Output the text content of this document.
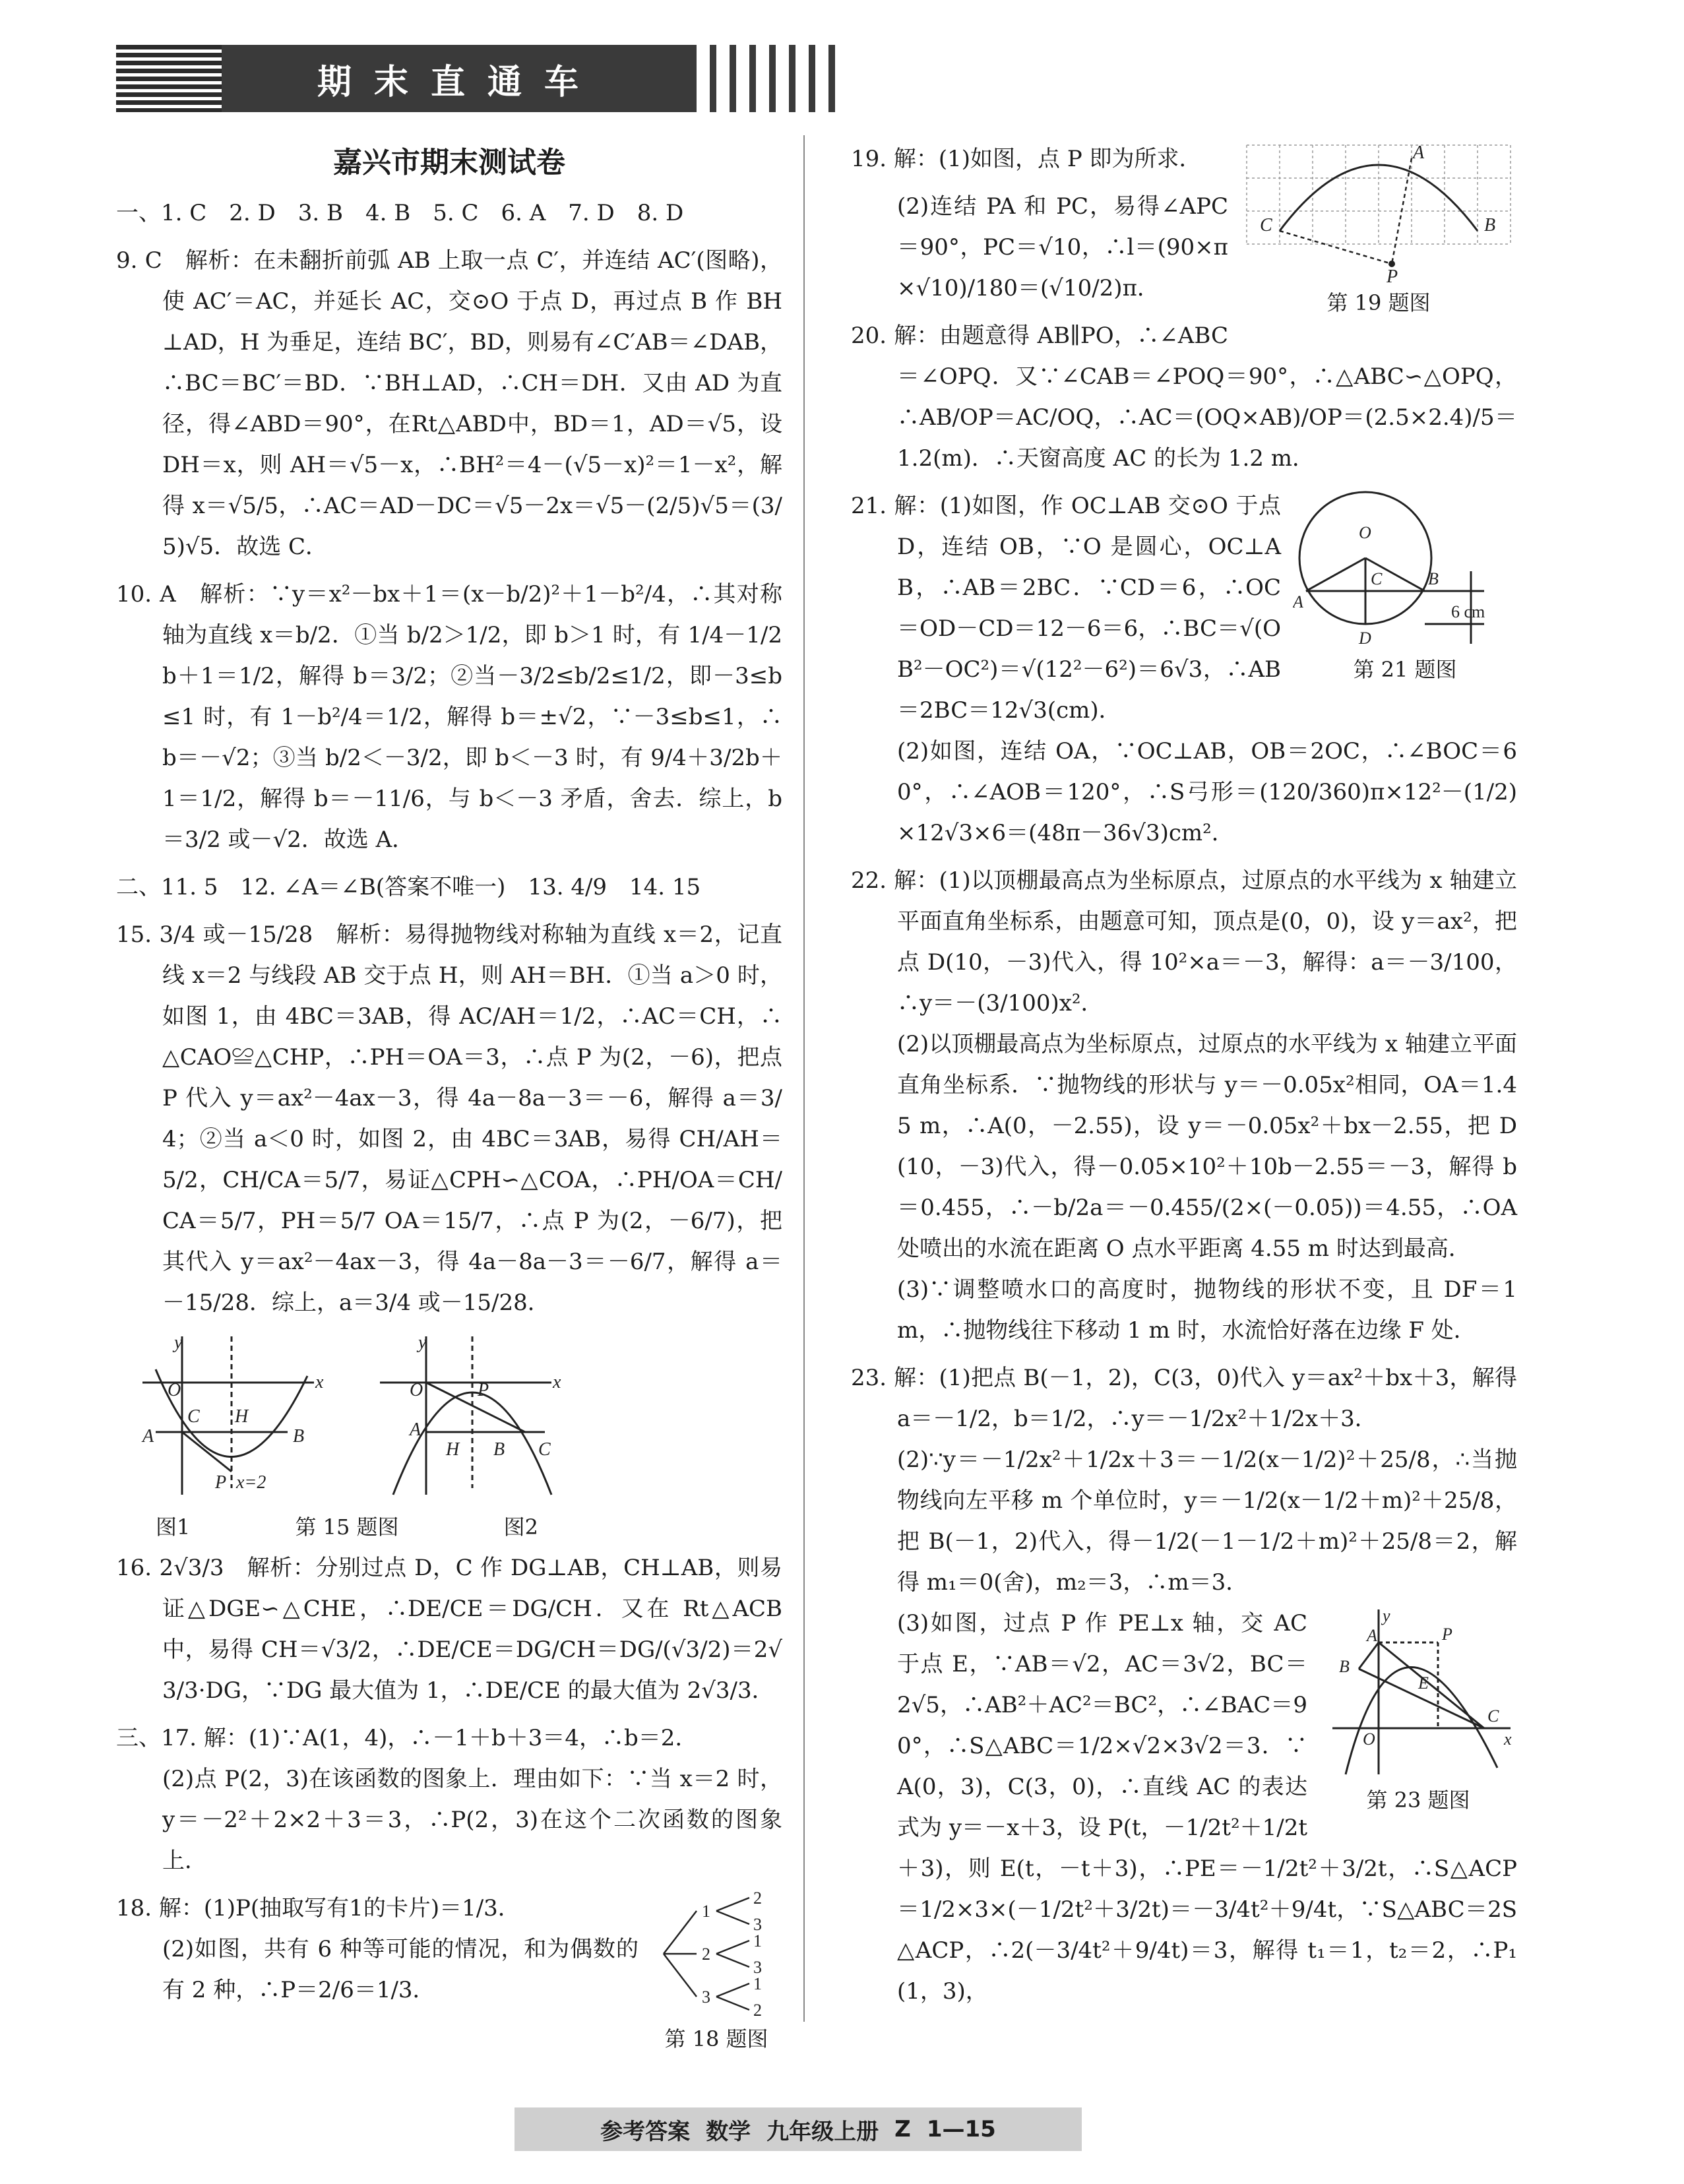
期末直通车
嘉兴市期末测试卷

一、1. C　2. D　3. B　4. B　5. C　6. A　7. D　8. D

9. C　解析：在未翻折前弧 AB 上取一点 C′，并连结 AC′(图略)，使 AC′＝AC，并延长 AC，交⊙O 于点 D，再过点 B 作 BH⊥AD，H 为垂足，连结 BC′，BD，则易有∠C′AB＝∠DAB，∴BC＝BC′＝BD．∵BH⊥AD，∴CH＝DH．又由 AD 为直径，得∠ABD＝90°，在Rt△ABD中，BD＝1，AD＝√5，设 DH＝x，则 AH＝√5－x，∴BH²＝4－(√5－x)²＝1－x²，解得 x＝√5/5，∴AC＝AD－DC＝√5－2x＝√5－(2/5)√5＝(3/5)√5．故选 C．

10. A　解析：∵y＝x²－bx＋1＝(x－b/2)²＋1－b²/4，∴其对称轴为直线 x＝b/2．①当 b/2＞1/2，即 b＞1 时，有 1/4－1/2b＋1＝1/2，解得 b＝3/2；②当－3/2≤b/2≤1/2，即－3≤b≤1 时，有 1－b²/4＝1/2，解得 b＝±√2，∵－3≤b≤1，∴b＝－√2；③当 b/2＜－3/2，即 b＜－3 时，有 9/4＋3/2b＋1＝1/2，解得 b＝－11/6，与 b＜－3 矛盾，舍去．综上，b＝3/2 或－√2．故选 A．

二、11. 5　12. ∠A＝∠B(答案不唯一)　13. 4/9　14. 15

15. 3/4 或－15/28　解析：易得抛物线对称轴为直线 x＝2，记直线 x＝2 与线段 AB 交于点 H，则 AH＝BH．①当 a＞0 时，如图 1，由 4BC＝3AB，得 AC/AH＝1/2，∴AC＝CH，∴△CAO≌△CHP，∴PH＝OA＝3，∴点 P 为(2，－6)，把点 P 代入 y＝ax²－4ax－3，得 4a－8a－3＝－6，解得 a＝3/4；②当 a＜0 时，如图 2，由 4BC＝3AB，易得 CH/AH＝5/2，CH/CA＝5/7，易证△CPH∽△COA，∴PH/OA＝CH/CA＝5/7，PH＝5/7 OA＝15/7，∴点 P 为(2，－6/7)，把其代入 y＝ax²－4ax－3，得 4a－8a－3＝－6/7，解得 a＝－15/28．综上，a＝3/4 或－15/28．

y
x
O
A
C H
B
P x=2
y
x
O	P
A
H B C
图1	第 15 题图	图2

16. 2√3/3　解析：分别过点 D，C 作 DG⊥AB，CH⊥AB，则易证△DGE∽△CHE，∴DE/CE＝DG/CH．又在 Rt△ACB 中，易得 CH＝√3/2，∴DE/CE＝DG/CH＝DG/(√3/2)＝2√3/3·DG，∵DG 最大值为 1，∴DE/CE 的最大值为 2√3/3．

三、17. 解：(1)∵A(1，4)，∴－1＋b＋3＝4，∴b＝2．

(2)点 P(2，3)在该函数的图象上．理由如下：∵当 x＝2 时，y＝－2²＋2×2＋3＝3，∴P(2，3)在这个二次函数的图象上．

1
2
3
2
3
1
3
1
2
第 18 题图

18. 解：(1)P(抽取写有1的卡片)＝1/3．

(2)如图，共有 6 种等可能的情况，和为偶数的有 2 种，∴P＝2/6＝1/3．

C	B
A
P
第 19 题图

19. 解：(1)如图，点 P 即为所求．

(2)连结 PA 和 PC，易得∠APC＝90°，PC＝√10，∴l＝(90×π×√10)/180＝(√10/2)π．

20. 解：由题意得 AB∥PO，∴∠ABC＝∠OPQ．又∵∠CAB＝∠POQ＝90°，∴△ABC∽△OPQ，∴AB/OP＝AC/OQ，∴AC＝(OQ×AB)/OP＝(2.5×2.4)/5＝1.2(m)．∴天窗高度 AC 的长为 1.2 m．

O
C
A
B
D
6 cm
第 21 题图

21. 解：(1)如图，作 OC⊥AB 交⊙O 于点 D，连结 OB，∵O 是圆心，OC⊥AB，∴AB＝2BC．∵CD＝6，∴OC＝OD－CD＝12－6＝6，∴BC＝√(OB²－OC²)＝√(12²－6²)＝6√3，∴AB＝2BC＝12√3(cm)．

(2)如图，连结 OA，∵OC⊥AB，OB＝2OC，∴∠BOC＝60°，∴∠AOB＝120°，∴S弓形＝(120/360)π×12²－(1/2)×12√3×6＝(48π－36√3)cm²．

22. 解：(1)以顶棚最高点为坐标原点，过原点的水平线为 x 轴建立平面直角坐标系，由题意可知，顶点是(0，0)，设 y＝ax²，把点 D(10，－3)代入，得 10²×a＝－3，解得：a＝－3/100，∴y＝－(3/100)x²．

(2)以顶棚最高点为坐标原点，过原点的水平线为 x 轴建立平面直角坐标系．∵抛物线的形状与 y＝－0.05x²相同，OA＝1.45 m，∴A(0，－2.55)，设 y＝－0.05x²＋bx－2.55，把 D(10，－3)代入，得－0.05×10²＋10b－2.55＝－3，解得 b＝0.455，∴－b/2a＝－0.455/(2×(－0.05))＝4.55，∴OA 处喷出的水流在距离 O 点水平距离 4.55 m 时达到最高．

(3)∵调整喷水口的高度时，抛物线的形状不变，且 DF＝1 m，∴抛物线往下移动 1 m 时，水流恰好落在边缘 F 处．

23. 解：(1)把点 B(－1，2)，C(3，0)代入 y＝ax²＋bx＋3，解得 a＝－1/2，b＝1/2，∴y＝－1/2x²＋1/2x＋3．

(2)∵y＝－1/2x²＋1/2x＋3＝－1/2(x－1/2)²＋25/8，∴当抛物线向左平移 m 个单位时，y＝－1/2(x－1/2＋m)²＋25/8，把 B(－1，2)代入，得－1/2(－1－1/2＋m)²＋25/8＝2，解得 m₁＝0(舍)，m₂＝3，∴m＝3．

y
x
O
A
B
P
E
C
第 23 题图

(3)如图，过点 P 作 PE⊥x 轴，交 AC 于点 E，∵AB＝√2，AC＝3√2，BC＝2√5，∴AB²＋AC²＝BC²，∴∠BAC＝90°，∴S△ABC＝1/2×√2×3√2＝3．∵A(0，3)，C(3，0)，∴直线 AC 的表达式为 y＝－x＋3，设 P(t，－1/2t²＋1/2t＋3)，则 E(t，－t＋3)，∴PE＝－1/2t²＋3/2t，∴S△ACP＝1/2×3×(－1/2t²＋3/2t)＝－3/4t²＋9/4t，∵S△ABC＝2S△ACP，∴2(－3/4t²＋9/4t)＝3，解得 t₁＝1，t₂＝2，∴P₁(1，3)，

参考答案 数学 九年级上册 Z 1—15
